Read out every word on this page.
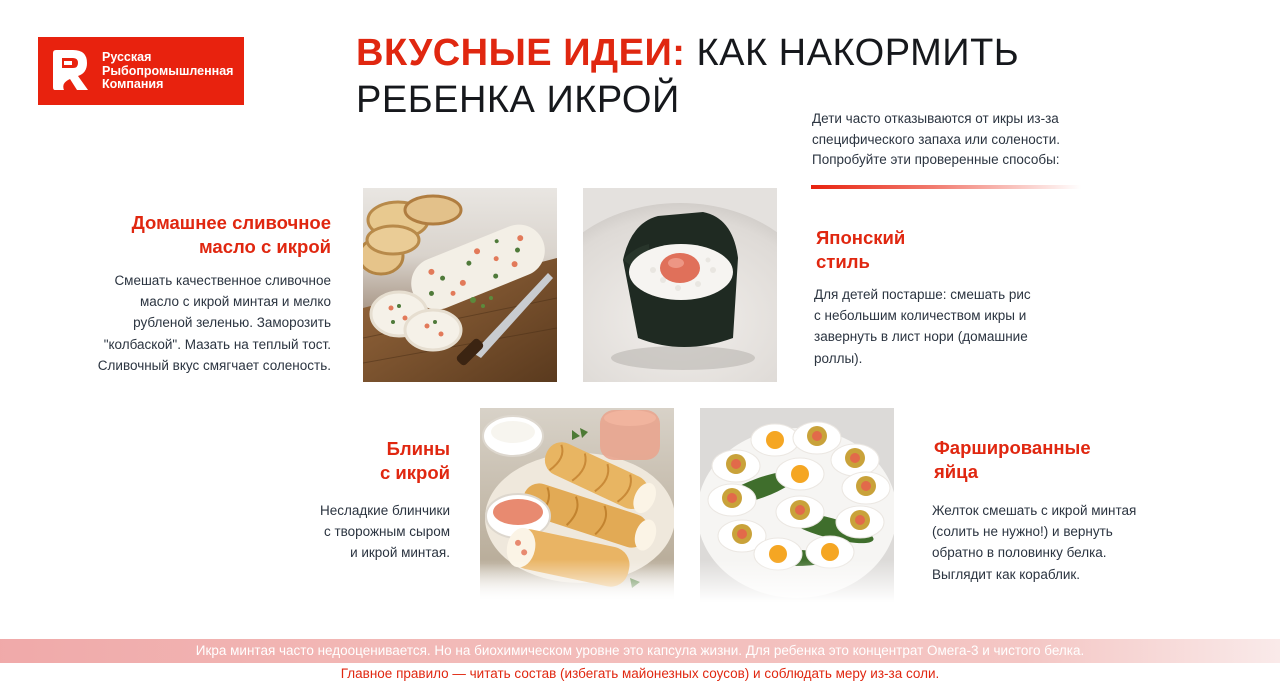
Русская
Рыбопромышленная
Компания
ВКУСНЫЕ ИДЕИ: КАК НАКОРМИТЬ
РЕБЕНКА ИКРОЙ	Дети часто отказываются от икры из-за
специфического запаха или солености.
Попробуйте эти проверенные способы:
Домашнее сливочное
масло с икрой
Смешать качественное сливочное
масло с икрой минтая и мелко
рубленой зеленью. Заморозить
"колбаской". Мазать на теплый тост.
Сливочный вкус смягчает соленость.
Японский
стиль
Для детей постарше: смешать рис
с небольшим количеством икры и
завернуть в лист нори (домашние
роллы).
Блины
с икрой
Несладкие блинчики
с творожным сыром
и икрой минтая.
Фаршированные
яйца
Желток смешать с икрой минтая
(солить не нужно!) и вернуть
обратно в половинку белка.
Выглядит как кораблик.
Икра минтая часто недооценивается. Но на биохимическом уровне это капсула жизни. Для ребенка это концентрат Омега-3 и чистого белка.
Главное правило — читать состав (избегать майонезных соусов) и соблюдать меру из-за соли.
